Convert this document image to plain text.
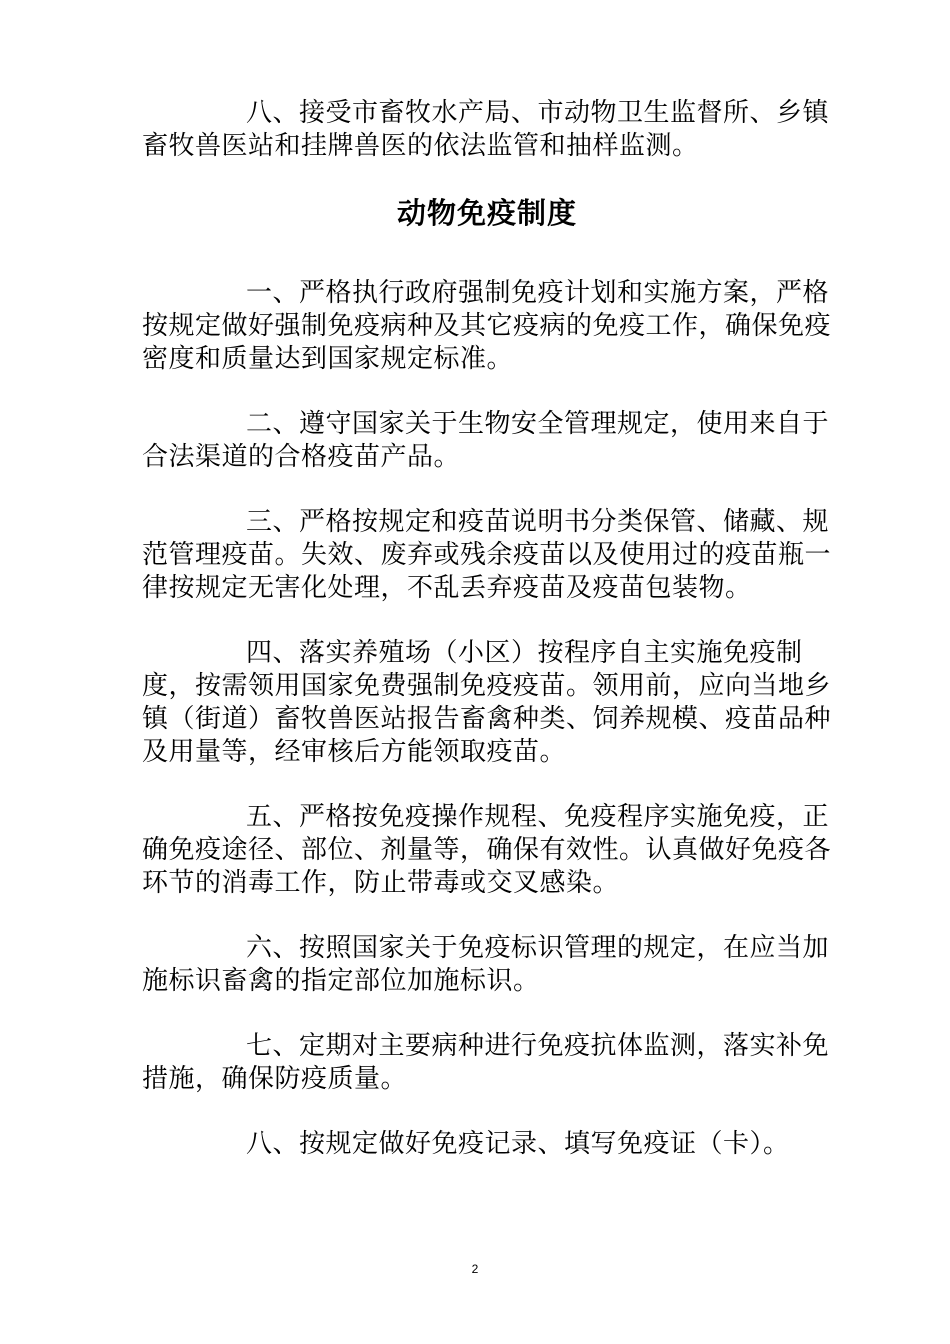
八、接受市畜牧水产局、市动物卫生监督所、乡镇畜牧兽医站和挂牌兽医的依法监管和抽样监测。

动物免疫制度

一、严格执行政府强制免疫计划和实施方案，严格按规定做好强制免疫病种及其它疫病的免疫工作，确保免疫密度和质量达到国家规定标准。

二、遵守国家关于生物安全管理规定，使用来自于合法渠道的合格疫苗产品。

三、严格按规定和疫苗说明书分类保管、储藏、规范管理疫苗。失效、废弃或残余疫苗以及使用过的疫苗瓶一律按规定无害化处理，不乱丢弃疫苗及疫苗包装物。

四、落实养殖场（小区）按程序自主实施免疫制度，按需领用国家免费强制免疫疫苗。领用前，应向当地乡镇（街道）畜牧兽医站报告畜禽种类、饲养规模、疫苗品种及用量等，经审核后方能领取疫苗。

五、严格按免疫操作规程、免疫程序实施免疫，正确免疫途径、部位、剂量等，确保有效性。认真做好免疫各环节的消毒工作，防止带毒或交叉感染。

六、按照国家关于免疫标识管理的规定，在应当加施标识畜禽的指定部位加施标识。

七、定期对主要病种进行免疫抗体监测，落实补免措施，确保防疫质量。

八、按规定做好免疫记录、填写免疫证（卡）。

2
